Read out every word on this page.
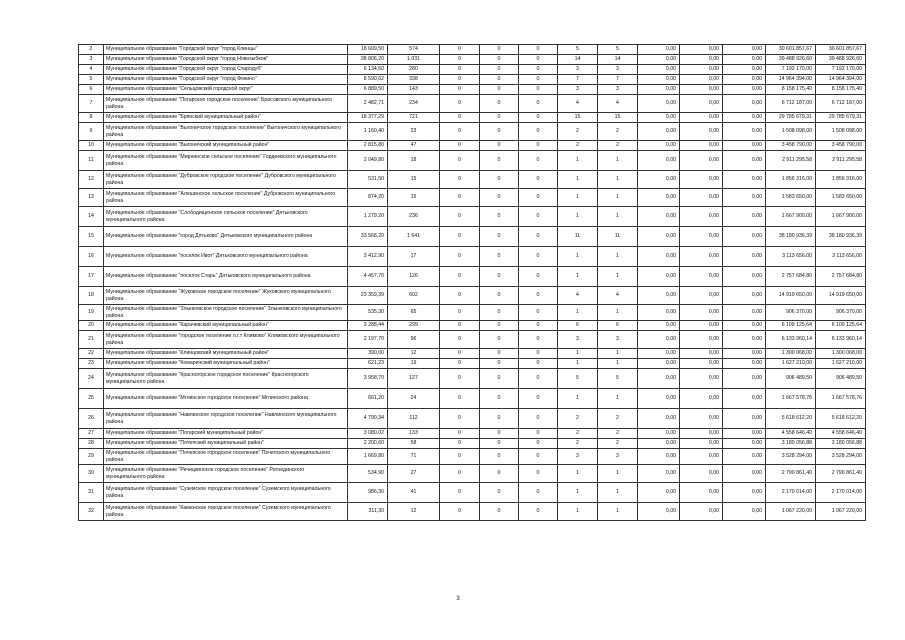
2	Муниципальное образование "Городской округ "город Клинцы"	18 609,50	574	0	0	0	5	5	0,00	0,00	0,00	30 601 857,67	30 601 857,67
3	Муниципальное образование "Городской округ "город Новозыбков"	38 806,20	1 031	0	0	0	14	14	0,00	0,00	0,00	39 488 926,60	39 488 926,60
4	Муниципальное образование "Городской округ "город Стародуб"	6 134,50	280	0	0	0	3	3	0,00	0,00	0,00	7 192 170,00	7 192 170,00
5	Муниципальное образование "Городской округ "город Фокино"	8 590,62	338	0	0	0	7	7	0,00	0,00	0,00	14 964 394,00	14 964 394,00
6	Муниципальное образование "Сельцовский городской округ"	6 889,50	143	0	0	0	3	3	0,00	0,00	0,00	8 158 175,40	8 158 175,40
7	Муниципальное образование "Погарское городское поселение" Брасовского муниципального района	2 482,71	234	0	0	0	4	4	0,00	0,00	0,00	6 712 187,00	6 712 187,00
8	Муниципальное образование "Брянский муниципальный район"	18 377,29	721	0	0	0	15	15	0,00	0,00	0,00	29 785 679,31	29 785 679,31
9	Муниципальное образование "Выгоничское городское поселение" Выгоничского муниципального района	1 160,40	23	0	0	0	2	2	0,00	0,00	0,00	1 508 098,00	1 508 098,00
10	Муниципальное образование "Выгоничский муниципальный район"	2 815,80	47	0	0	0	2	2	0,00	0,00	0,00	3 458 790,00	3 458 790,00
11	Муниципальное образование "Мирнинское сельское поселение" Гордеевского муниципального района	2 049,80	18	0	0	0	1	1	0,00	0,00	0,00	2 911 295,58	2 911 295,58
12	Муниципальное образование "Дубровское городское поселение" Дубровского муниципального района	531,50	15	0	0	0	1	1	0,00	0,00	0,00	1 856 316,00	1 856 316,00
13	Муниципальное образование "Алешинское сельское поселение" Дубровского муниципального района	874,20	15	0	0	0	1	1	0,00	0,00	0,00	1 583 650,00	1 583 650,00
14	Муниципальное образование "Слободищенское сельское поселение" Дятьковского муниципального района	1 279,20	236	0	0	0	1	1	0,00	0,00	0,00	1 667 900,00	1 667 900,00
15	Муниципальное образование "город Дятьково" Дятьковского муниципального района	33 568,20	1 641	0	0	0	11	11	0,00	0,00	0,00	38 180 936,39	38 180 936,39
16	Муниципальное образование "поселок Ивот" Дятьковского муниципального района	3 412,90	17	0	0	0	1	1	0,00	0,00	0,00	3 113 656,00	3 113 656,00
17	Муниципальное образование "поселок Старь" Дятьковского муниципального района	4 457,70	126	0	0	0	1	1	0,00	0,00	0,00	2 757 684,80	2 757 684,80
18	Муниципальное образование "Жуковское городское поселение" Жуковского муниципального района	23 359,39	602	0	0	0	4	4	0,00	0,00	0,00	14 919 650,00	14 919 650,00
19	Муниципальное образование "Злынковское городское поселение" Злынковского муниципального района	535,30	65	0	0	0	1	1	0,00	0,00	0,00	906 370,00	906 370,00
20	Муниципальное образование "Карачевский муниципальный район"	3 288,44	299	0	0	0	6	6	0,00	0,00	0,00	6 109 125,64	6 109 125,64
21	Муниципальное образование "городское поселение п.г.т Климово" Климовского муниципального района	2 197,70	96	0	0	0	3	3	0,00	0,00	0,00	6 133 960,14	6 133 960,14
22	Муниципальное образование "Клинцовский муниципальный район"	390,00	12	0	0	0	1	1	0,00	0,00	0,00	1 300 068,00	1 300 068,00
23	Муниципальное образование "Комаричский муниципальный район"	621,23	19	0	0	0	1	1	0,00	0,00	0,00	1 627 210,00	1 627 210,00
24	Муниципальное образование "Красногорское городское поселение" Красногорского муниципального района	3 958,70	127	0	0	0	5	5	0,00	0,00	0,00	906 489,50	906 489,50
25	Муниципальное образование "Мглинское городское поселение" Мглинского района	661,20	24	0	0	0	1	1	0,00	0,00	0,00	1 667 578,76	1 667 578,76
26	Муниципальное образование "Навлинское городское поселение" Навлинского муниципального района	4 790,34	112	0	0	0	2	2	0,00	0,00	0,00	5 618 612,20	5 618 612,20
27	Муниципальное образование "Погарский муниципальный район"	3 080,02	133	0	0	0	2	2	0,00	0,00	0,00	4 558 646,40	4 558 646,40
28	Муниципальное образование "Почепский муниципальный район"	2 200,60	58	0	0	0	2	2	0,00	0,00	0,00	3 180 056,88	3 180 056,88
29	Муниципальное образование "Почепское городское поселение" Почепского муниципального района	1 669,80	71	0	0	0	3	3	0,00	0,00	0,00	3 528 294,00	3 528 294,00
30	Муниципальное образование "Речицкинское городское поселение" Рогнединского муниципального района	534,90	27	0	0	0	1	1	0,00	0,00	0,00	2 790 861,40	2 790 861,40
31	Муниципальное образование "Суземское городское поселение" Суземского муниципального района	986,30	41	0	0	0	1	1	0,00	0,00	0,00	2 170 014,00	2 170 014,00
32	Муниципальное образование "Каменское городское поселение" Суземского муниципального района	311,30	12	0	0	0	1	1	0,00	0,00	0,00	1 067 220,00	1 067 220,00
3
